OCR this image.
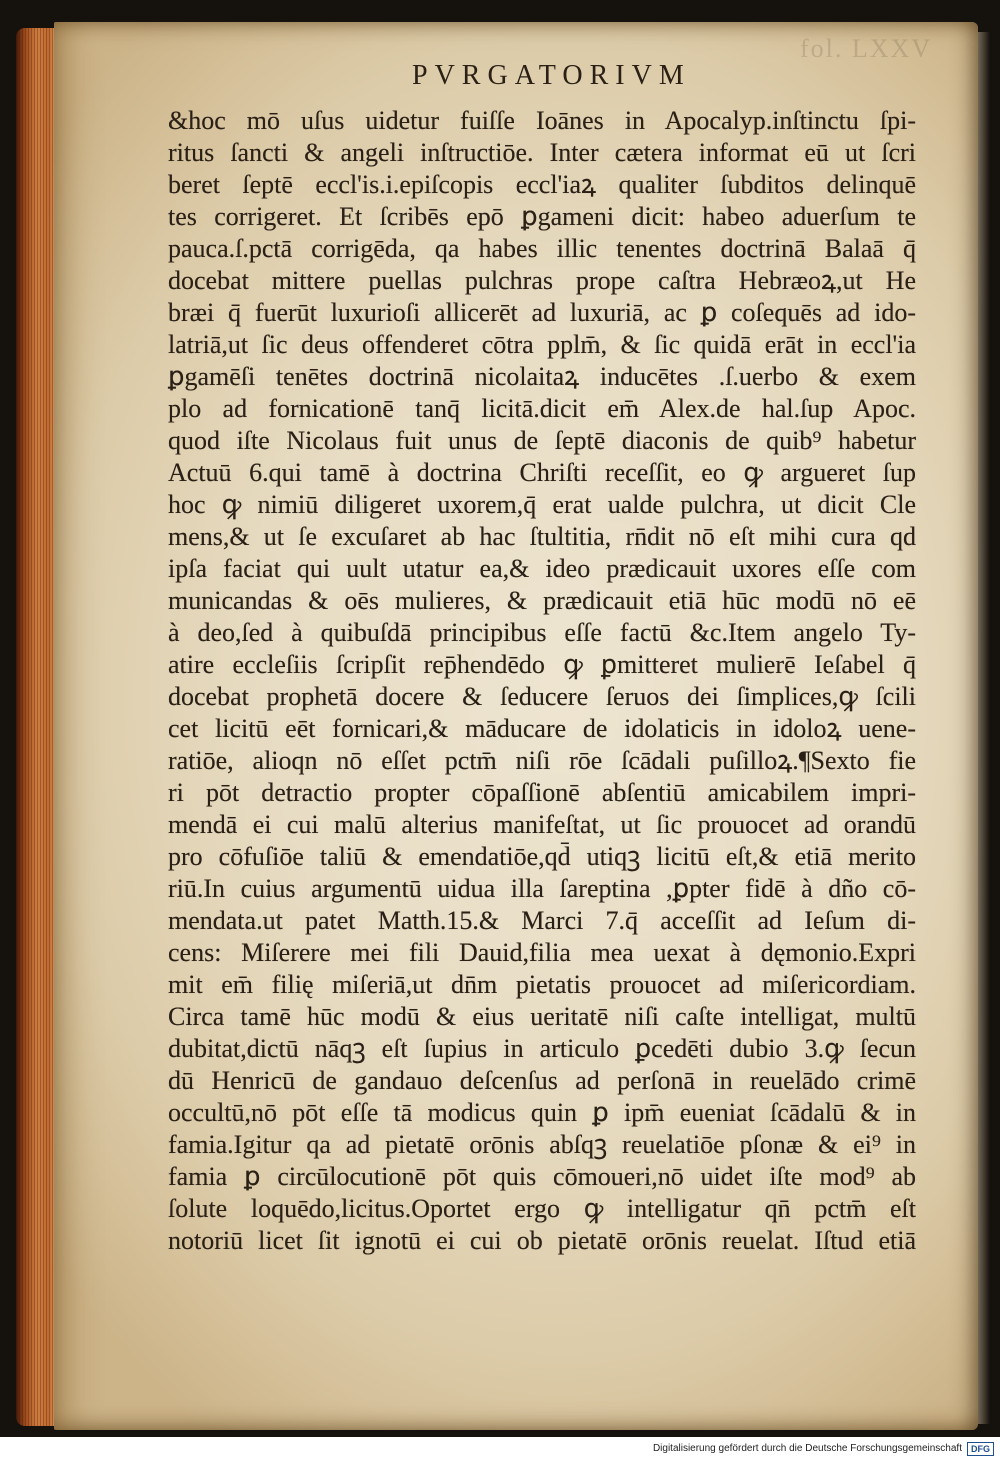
fol. LXXV
PVRGATORIVM
&hoc mō uſus uidetur fuiſſe Ioānes in Apocalyp.inſtinctu ſpi-
ritus ſancti & angeli inſtructiōe. Inter cætera informat eū ut ſcri
beret ſeptē eccl'is.i.epiſcopis eccl'iaꝝ qualiter ſubditos delinquē
tes corrigeret. Et ſcribēs epō ꝑgameni dicit: habeo aduerſum te
pauca.ſ.pctā corrigēda, qa habes illic tenentes doctrinā Balaā q̄
docebat mittere puellas pulchras prope caſtra Hebræoꝝ,ut He
bræi q̄ fuerūt luxurioſi allicerēt ad luxuriā, ac ꝑ coſequēs ad ido-
latriā,ut ſic deus offenderet cōtra pplm̄, & ſic quidā erāt in eccl'ia
ꝑgamēſi tenētes doctrinā nicolaitaꝝ inducētes .ſ.uerbo & exem
plo ad fornicationē tanq̄ licitā.dicit em̄ Alex.de hal.ſup Apoc.
quod iſte Nicolaus fuit unus de ſeptē diaconis de quib⁹ habetur
Actuū 6.qui tamē à doctrina Chriſti receſſit, eo ꝙ argueret ſup
hoc ꝙ nimiū diligeret uxorem,q̄ erat ualde pulchra, ut dicit Cle
mens,& ut ſe excuſaret ab hac ſtultitia, rn̄dit nō eſt mihi cura qd
ipſa faciat qui uult utatur ea,& ideo prædicauit uxores eſſe com
municandas & oēs mulieres, & prædicauit etiā hūc modū nō eē
à deo,ſed à quibuſdā principibus eſſe factū &c.Item angelo Ty-
atire eccleſiis ſcripſit rep̄hendēdo ꝙ ꝑmitteret mulierē Ieſabel q̄
docebat prophetā docere & ſeducere ſeruos dei ſimplices,ꝙ ſcili
cet licitū eēt fornicari,& māducare de idolaticis in idoloꝝ uene-
ratiōe, alioqn nō eſſet pctm̄ niſi rōe ſcādali puſilloꝝ.¶Sexto fie
ri pōt detractio propter cōpaſſionē abſentiū amicabilem impri-
mendā ei cui malū alterius manifeſtat, ut ſic prouocet ad orandū
pro cōfuſiōe taliū & emendatiōe,qd̄ utiqꝫ licitū eſt,& etiā merito
riū.In cuius argumentū uidua illa ſareptina ,ꝑpter fidē à dño cō-
mendata.ut patet Matth.15.& Marci 7.q̄ acceſſit ad Ieſum di-
cens: Miſerere mei fili Dauid,filia mea uexat à dęmonio.Expri
mit em̄ filię miſeriā,ut dn̄m pietatis prouocet ad miſericordiam.
Circa tamē hūc modū & eius ueritatē niſi caſte intelligat, multū
dubitat,dictū nāqꝫ eſt ſupius in articulo ꝑcedēti dubio 3.ꝙ ſecun
dū Henricū de gandauo deſcenſus ad perſonā in reuelādo crimē
occultū,nō pōt eſſe tā modicus quin ꝑ ipm̄ eueniat ſcādalū & in
famia.Igitur qa ad pietatē orōnis abſqꝫ reuelatiōe pſonæ & ei⁹ in
famia ꝑ circūlocutionē pōt quis cōmoueri,nō uidet iſte mod⁹ ab
ſolute loquēdo,licitus.Oportet ergo ꝙ intelligatur qn̄ pctm̄ eſt
notoriū licet ſit ignotū ei cui ob pietatē orōnis reuelat. Iſtud etiā
Digitalisierung gefördert durch die Deutsche Forschungsgemeinschaft	DFG
